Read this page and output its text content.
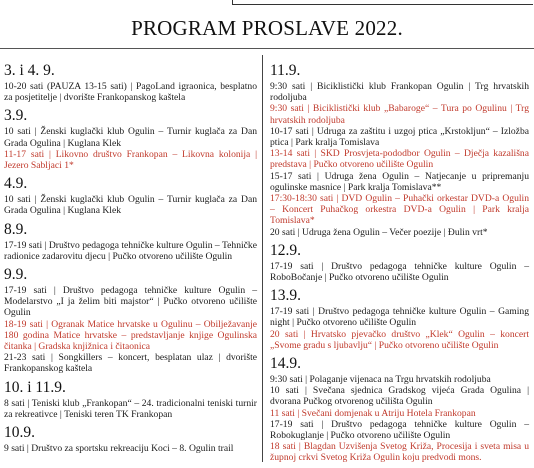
PROGRAM PROSLAVE 2022.
3. i 4. 9.
10-20 sati (PAUZA 13-15 sati) | PagoLand igraonica, besplatno za posjetitelje | dvorište Frankopanskog kaštela
3.9.
10 sati | Ženski kuglački klub Ogulin – Turnir kuglača za Dan Grada Ogulina | Kuglana Klek
11-17 sati | Likovno društvo Frankopan – Likovna kolonija | Jezero Sabljaci 1*
4.9.
10 sati | Ženski kuglački klub Ogulin – Turnir kuglača za Dan Grada Ogulina | Kuglana Klek
8.9.
17-19 sati | Društvo pedagoga tehničke kulture Ogulin – Tehničke radionice zadarovitu djecu | Pučko otvoreno učilište Ogulin
9.9.
17-19 sati | Društvo pedagoga tehničke kulture Ogulin – Modelarstvo „I ja želim biti majstor“ | Pučko otvoreno učilište Ogulin
18-19 sati | Ogranak Matice hrvatske u Ogulinu – Obilježavanje 180 godina Matice hrvatske – predstavljanje knjige Ogulinska čitanka | Gradska knjižnica i čitaonica
21-23 sati | Songkillers – koncert, besplatan ulaz | dvorište Frankopanskog kaštela
10. i 11.9.
8 sati | Teniski klub „Frankopan“ – 24. tradicionalni teniski turnir za rekreativce | Teniski teren TK Frankopan
10.9.
9 sati | Društvo za sportsku rekreaciju Koci – 8. Ogulin trail
11.9.
9:30 sati | Biciklistički klub Frankopan Ogulin | Trg hrvatskih rodoljuba
9:30 sati | Biciklistički klub „Babaroge“ – Tura po Ogulinu | Trg hrvatskih rodoljuba
10-17 sati | Udruga za zaštitu i uzgoj ptica „Krstokljun“ – Izložba ptica | Park kralja Tomislava
13-14 sati | SKD Prosvjeta-pododbor Ogulin – Dječja kazališna predstava | Pučko otvoreno učilište Ogulin
15-17 sati | Udruga žena Ogulin – Natjecanje u pripremanju ogulinske masnice | Park kralja Tomislava**
17:30-18:30 sati | DVD Ogulin – Puhački orkestar DVD-a Ogulin – Koncert Puhačkog orkestra DVD-a Ogulin | Park kralja Tomislava*
20 sati | Udruga žena Ogulin – Večer poezije | Đulin vrt*
12.9.
17-19 sati | Društvo pedagoga tehničke kulture Ogulin – RoboBočanje | Pučko otvoreno učilište Ogulin
13.9.
17-19 sati | Društvo pedagoga tehničke kulture Ogulin – Gaming night | Pučko otvoreno učilište Ogulin
20 sati | Hrvatsko pjevačko društvo „Klek“ Ogulin – koncert „Svome gradu s ljubavlju“ | Pučko otvoreno učilište Ogulin
14.9.
9:30 sati | Polaganje vijenaca na Trgu hrvatskih rodoljuba
10 sati | Svečana sjednica Gradskog vijeća Grada Ogulina | dvorana Pučkog otvorenog učilišta Ogulin
11 sati | Svečani domjenak u Atriju Hotela Frankopan
17-19 sati | Društvo pedagoga tehničke kulture Ogulin – Robokuglanje | Pučko otvoreno učilište Ogulin
18 sati | Blagdan Uzvišenja Svetog Križa, Procesija i sveta misa u župnoj crkvi Svetog Križa Ogulin koju predvodi mons.
